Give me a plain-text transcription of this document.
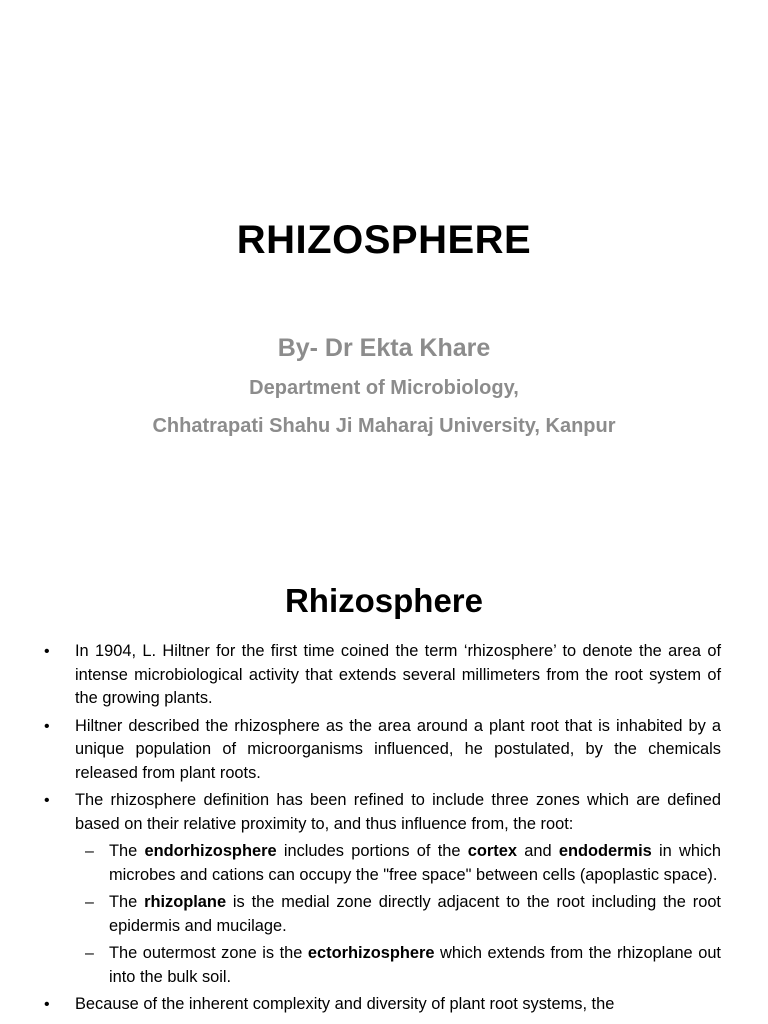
RHIZOSPHERE
By- Dr Ekta Khare
Department of Microbiology,
Chhatrapati Shahu Ji Maharaj University, Kanpur
Rhizosphere
• In 1904, L. Hiltner for the first time coined the term ‘rhizosphere’ to denote the area of intense microbiological activity that extends several millimeters from the root system of the growing plants.
• Hiltner described the rhizosphere as the area around a plant root that is inhabited by a unique population of microorganisms influenced, he postulated, by the chemicals released from plant roots.
• The rhizosphere definition has been refined to include three zones which are defined based on their relative proximity to, and thus influence from, the root:
– The endorhizosphere includes portions of the cortex and endodermis in which microbes and cations can occupy the "free space" between cells (apoplastic space).
– The rhizoplane is the medial zone directly adjacent to the root including the root epidermis and mucilage.
– The outermost zone is the ectorhizosphere which extends from the rhizoplane out into the bulk soil.
• Because of the inherent complexity and diversity of plant root systems, the
